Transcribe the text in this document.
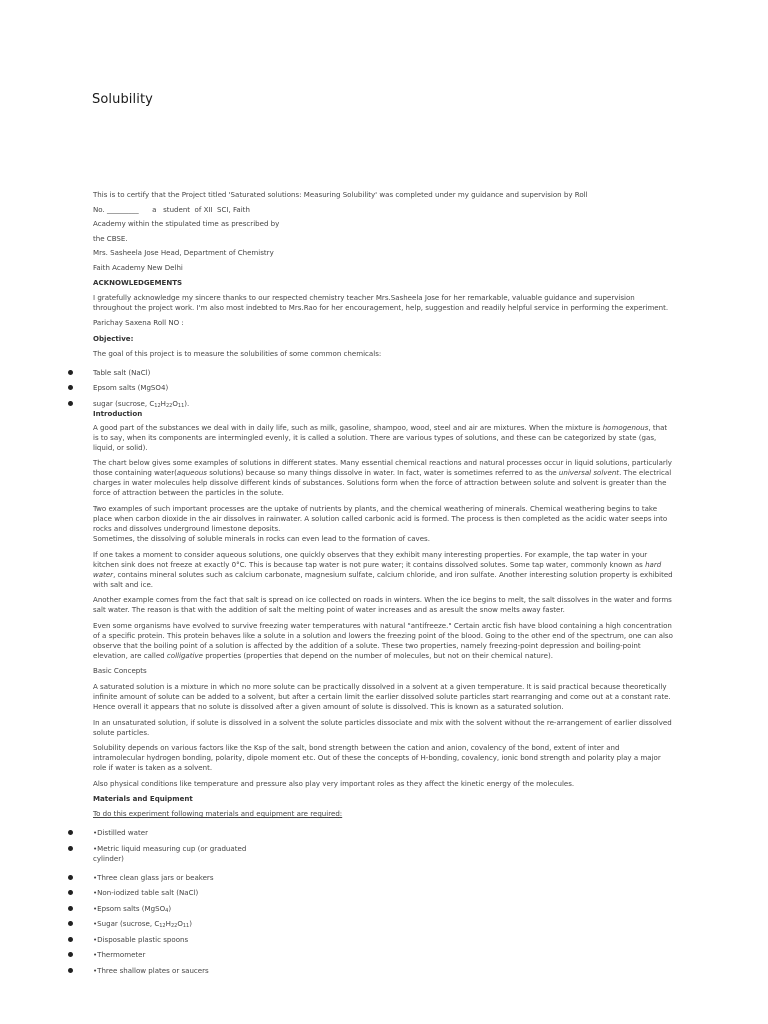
Solubility

This is to certify that the Project titled 'Saturated solutions: Measuring Solubility' was completed under my guidance and supervision by Roll

No. _________      a   student  of XII  SCI, Faith

Academy within the stipulated time as prescribed by

the CBSE.

Mrs. Sasheela Jose Head, Department of Chemistry

Faith Academy New Delhi

ACKNOWLEDGEMENTS

I gratefully acknowledge my sincere thanks to our respected chemistry teacher Mrs.Sasheela Jose for her remarkable, valuable guidance and supervision throughout the project work. I'm also most indebted to Mrs.Rao for her encouragement, help, suggestion and readily helpful service in performing the experiment.

Parichay Saxena Roll NO :

Objective:

The goal of this project is to measure the solubilities of some common chemicals:

Table salt (NaCl)
Epsom salts (MgSO4)
sugar (sucrose, $C_{12}H_{22}O_{11}$).

Introduction

A good part of the substances we deal with in daily life, such as milk, gasoline, shampoo, wood, steel and air are mixtures. When the mixture is homogenous, that is to say, when its components are intermingled evenly, it is called a solution. There are various types of solutions, and these can be categorized by state (gas, liquid, or solid).

The chart below gives some examples of solutions in different states. Many essential chemical reactions and natural processes occur in liquid solutions, particularly those containing water(aqueous solutions) because so many things dissolve in water. In fact, water is sometimes referred to as the universal solvent. The electrical charges in water molecules help dissolve different kinds of substances. Solutions form when the force of attraction between solute and solvent is greater than the force of attraction between the particles in the solute.

Two examples of such important processes are the uptake of nutrients by plants, and the chemical weathering of minerals. Chemical weathering begins to take place when carbon dioxide in the air dissolves in rainwater. A solution called carbonic acid is formed. The process is then completed as the acidic water seeps into rocks and dissolves underground limestone deposits.
Sometimes, the dissolving of soluble minerals in rocks can even lead to the formation of caves.

If one takes a moment to consider aqueous solutions, one quickly observes that they exhibit many interesting properties. For example, the tap water in your kitchen sink does not freeze at exactly 0°C. This is because tap water is not pure water; it contains dissolved solutes. Some tap water, commonly known as hard water, contains mineral solutes such as calcium carbonate, magnesium sulfate, calcium chloride, and iron sulfate. Another interesting solution property is exhibited with salt and ice.

Another example comes from the fact that salt is spread on ice collected on roads in winters. When the ice begins to melt, the salt dissolves in the water and forms salt water. The reason is that with the addition of salt the melting point of water increases and as aresult the snow melts away faster.

Even some organisms have evolved to survive freezing water temperatures with natural "antifreeze." Certain arctic fish have blood containing a high concentration of a specific protein. This protein behaves like a solute in a solution and lowers the freezing point of the blood. Going to the other end of the spectrum, one can also observe that the boiling point of a solution is affected by the addition of a solute. These two properties, namely freezing-point depression and boiling-point elevation, are called colligative properties (properties that depend on the number of molecules, but not on their chemical nature).

Basic Concepts

A saturated solution is a mixture in which no more solute can be practically dissolved in a solvent at a given temperature. It is said practical because theoretically infinite amount of solute can be added to a solvent, but after a certain limit the earlier dissolved solute particles start rearranging and come out at a constant rate. Hence overall it appears that no solute is dissolved after a given amount of solute is dissolved. This is known as a saturated solution.

In an unsaturated solution, if solute is dissolved in a solvent the solute particles dissociate and mix with the solvent without the re-arrangement of earlier dissolved solute particles.

Solubility depends on various factors like the Ksp of the salt, bond strength between the cation and anion, covalency of the bond, extent of inter and intramolecular hydrogen bonding, polarity, dipole moment etc. Out of these the concepts of H-bonding, covalency, ionic bond strength and polarity play a major role if water is taken as a solvent.

Also physical conditions like temperature and pressure also play very important roles as they affect the kinetic energy of the molecules.

Materials and Equipment

To do this experiment following materials and equipment are required:

•Distilled water
•Metric liquid measuring cup (or graduated cylinder)
•Three clean glass jars or beakers
•Non-iodized table salt (NaCl)
•Epsom salts (MgSO$_4$)
•Sugar (sucrose, $C_{12}H_{22}O_{11}$)
•Disposable plastic spoons
•Thermometer
•Three shallow plates or saucers
